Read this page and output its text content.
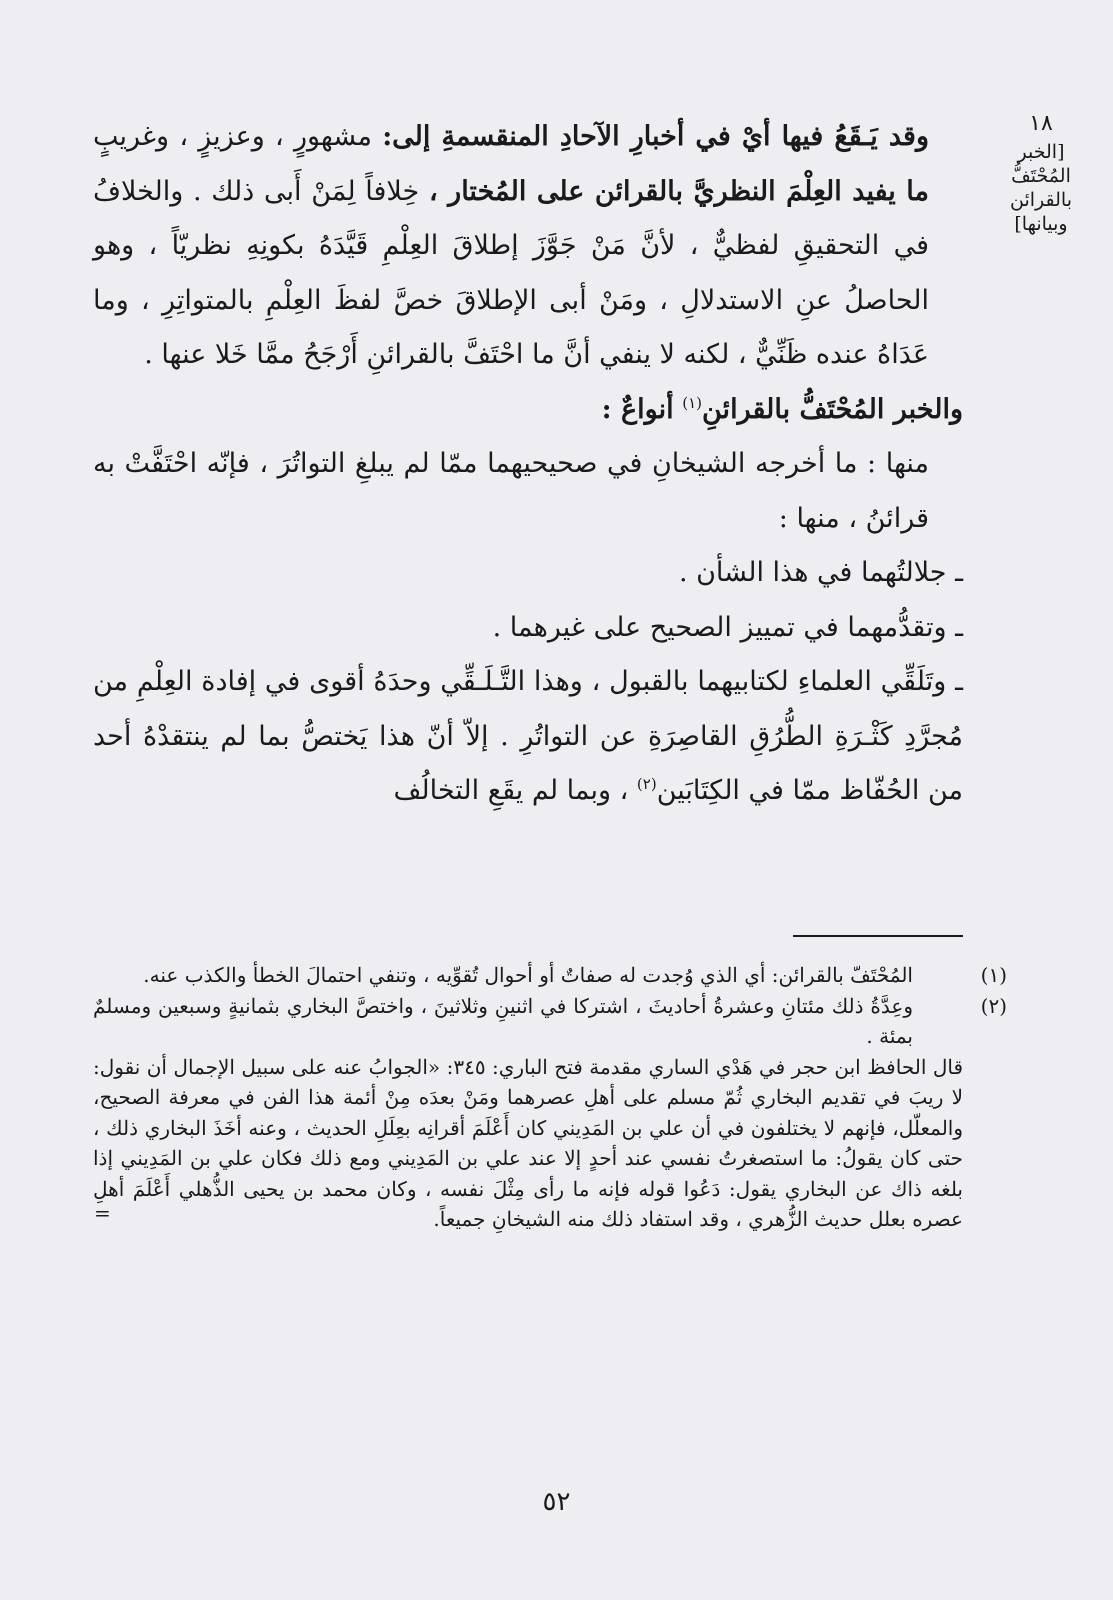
١٨
[الخبر المُحْتَفُّ بالقرائن وبيانها]

وقد يَـقَعُ فيها أيْ في أخبارِ الآحادِ المنقسمةِ إلى: مشهورٍ ، وعزيزٍ ، وغريبٍ ما يفيد العِلْمَ النظريَّ بالقرائن على المُختار ، خِلافاً لِمَنْ أَبى ذلك . والخلافُ في التحقيقِ لفظيٌّ ، لأنَّ مَنْ جَوَّزَ إطلاقَ العِلْمِ قَيَّدَهُ بكونِهِ نظريّاً ، وهو الحاصلُ عنِ الاستدلالِ ، ومَنْ أبى الإطلاقَ خصَّ لفظَ العِلْمِ بالمتواتِرِ ، وما عَدَاهُ عنده ظَنِّيٌّ ، لكنه لا ينفي أنَّ ما احْتَفَّ بالقرائنِ أَرْجَحُ ممَّا خَلا عنها .

والخبر المُحْتَفُّ بالقرائنِ$^{(١)}$ أنواعٌ :

منها : ما أخرجه الشيخانِ في صحيحيهما ممّا لم يبلغِ التواتُرَ ، فإنّه احْتَفَّتْ به قرائنُ ، منها :

ـ جلالتُهما في هذا الشأن .

ـ وتقدُّمهما في تمييز الصحيح على غيرهما .

ـ وتَلَقِّي العلماءِ لكتابيهما بالقبول ، وهذا التَّـلَـقِّي وحدَهُ أقوى في إفادة العِلْمِ من مُجرَّدِ كَثْـرَةِ الطُّرُقِ القاصِرَةِ عن التواتُرِ . إلاّ أنّ هذا يَختصُّ بما لم ينتقدْهُ أحد من الحُفّاظ ممّا في الكِتَابَين$^{(٢)}$ ، وبما لم يقَعِ التخالُف

(١)

المُحْتَفّ بالقرائن: أي الذي وُجدت له صفاتٌ أو أحوال تُقوِّيه ، وتنفي احتمالَ الخطأ والكذب عنه.

(٢)

وعِدَّةُ ذلك مئتانِ وعشرةُ أحاديثَ ، اشتركا في اثنينِ وثلاثينَ ، واختصَّ البخاري بثمانيةٍ وسبعين ومسلمٌ بمئة .

قال الحافظ ابن حجر في هَدْي الساري مقدمة فتح الباري: ٣٤٥: «الجوابُ عنه على سبيل الإجمال أن نقول: لا ريبَ في تقديم البخاري ثُمّ مسلم على أهلِ عصرهما ومَنْ بعدَه مِنْ أئمة هذا الفن في معرفة الصحيح، والمعلّل، فإنهم لا يختلفون في أن علي بن المَدِيني كان أَعْلَمَ أقرانِه بعِلَلِ الحديث ، وعنه أخَذَ البخاري ذلك ، حتى كان يقولُ: ما استصغرتُ نفسي عند أحدٍ إلا عند علي بن المَدِيني ومع ذلك فكان علي بن المَدِيني إذا بلغه ذاك عن البخاري يقول: دَعُوا قوله فإنه ما رأى مِثْلَ نفسه ، وكان محمد بن يحيى الذُّهلي أَعْلَمَ أهلِ عصره بعلل حديث الزُّهري ، وقد استفاد ذلك منه الشيخانِ جميعاً.

=
٥٢
